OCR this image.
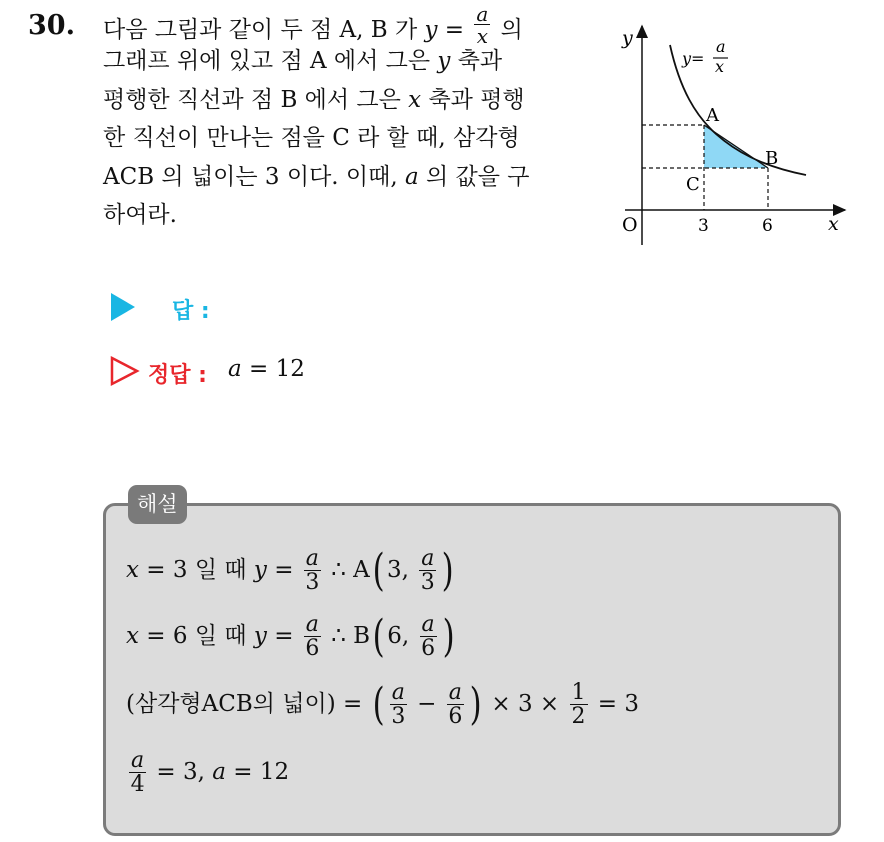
30. 다음 그림과 같이 두 점 A, B 가 $y = \frac{a}{x}$ 의
그래프 위에 있고 점 A 에서 그은 y 축과
평행한 직선과 점 B 에서 그은 x 축과 평행
한 직선이 만나는 점을 C 라 할 때, 삼각형
ACB 의 넓이는 3 이다. 이때, a 의 값을 구
하여라.
y
x
O
y=
a
x
A
B
C
3	6
답 :
정답 : a = 12
해설
x = 3 일 때 $y = \frac{a}{3}$ ∴ A( 3, $\frac{a}{3}$ )
x = 6 일 때 $y = \frac{a}{6}$ ∴ B( 6, $\frac{a}{6}$ )
(삼각형ACB의 넓이) = ( $\frac{a}{3} - \frac{a}{6}$ ) × $3 \times \frac{1}{2} = 3$
$\frac{a}{4} = 3$, a = 12
